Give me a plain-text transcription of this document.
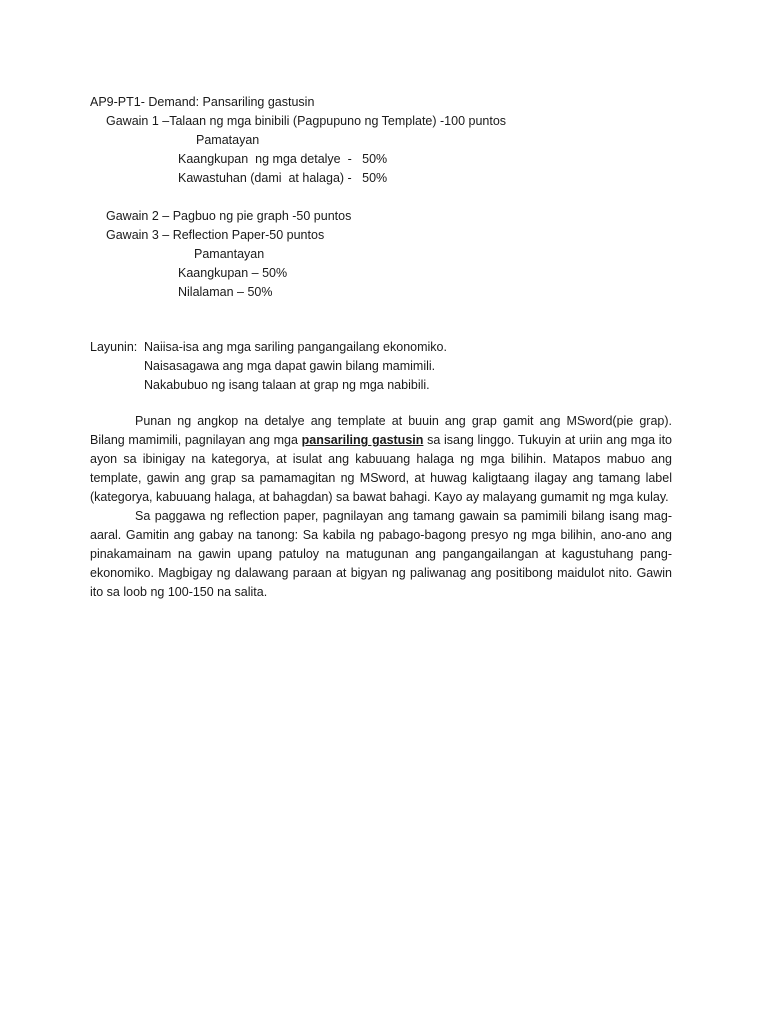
AP9-PT1- Demand: Pansariling gastusin
Gawain 1 –Talaan ng mga binibili (Pagpupuno ng Template) -100 puntos
Pamatayan
Kaangkupan  ng mga detalye  -   50%
Kawastuhan (dami  at halaga) -   50%
Gawain 2 – Pagbuo ng pie graph -50 puntos
Gawain 3 – Reflection Paper-50 puntos
Pamantayan
Kaangkupan – 50%
Nilalaman – 50%
Layunin: Naiisa-isa ang mga sariling pangangailang ekonomiko.
Naisasagawa ang mga dapat gawin bilang mamimili.
Nakabubuo ng isang talaan at grap ng mga nabibili.
Punan ng angkop na detalye ang template at buuin ang grap gamit ang MSword(pie grap). Bilang mamimili, pagnilayan ang mga pansariling gastusin sa isang linggo. Tukuyin at uriin ang mga ito ayon sa ibinigay na kategorya, at isulat ang kabuuang halaga ng mga bilihin. Matapos mabuo ang template, gawin ang grap sa pamamagitan ng MSword, at huwag kaligtaang ilagay ang tamang label (kategorya, kabuuang halaga, at bahagdan) sa bawat bahagi. Kayo ay malayang gumamit ng mga kulay.
Sa paggawa ng reflection paper, pagnilayan ang tamang gawain sa pamimili bilang isang mag-aaral. Gamitin ang gabay na tanong: Sa kabila ng pabago-bagong presyo ng mga bilihin, ano-ano ang pinakamainam na gawin upang patuloy na matugunan ang pangangailangan at kagustuhang pang-ekonomiko. Magbigay ng dalawang paraan at bigyan ng paliwanag ang positibong maidulot nito. Gawin ito sa loob ng 100-150 na salita.
